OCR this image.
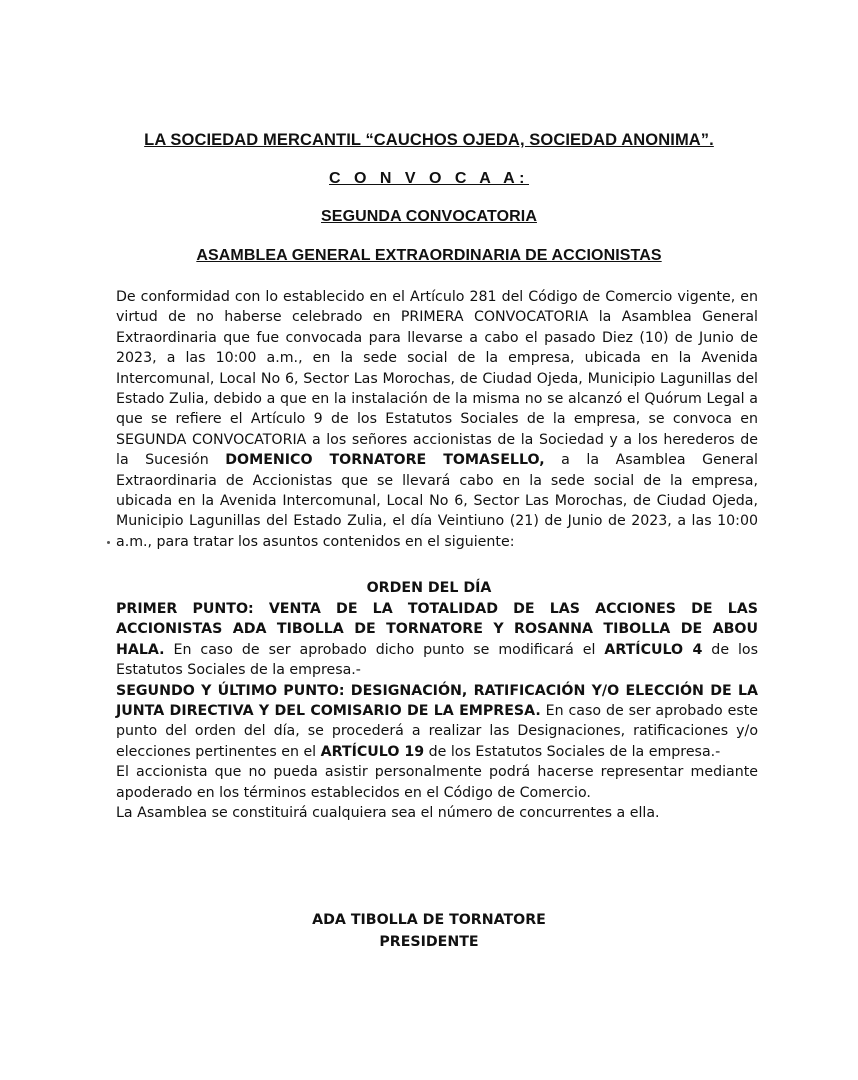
LA SOCIEDAD MERCANTIL “CAUCHOS OJEDA, SOCIEDAD ANONIMA”.
C O N V O C A A:
SEGUNDA CONVOCATORIA
ASAMBLEA GENERAL EXTRAORDINARIA DE ACCIONISTAS
De conformidad con lo establecido en el Artículo 281 del Código de Comercio vigente, en virtud de no haberse celebrado en PRIMERA CONVOCATORIA la Asamblea General Extraordinaria que fue convocada para llevarse a cabo el pasado Diez (10) de Junio de 2023, a las 10:00 a.m., en la sede social de la empresa, ubicada en la Avenida Intercomunal, Local No 6, Sector Las Morochas, de Ciudad Ojeda, Municipio Lagunillas del Estado Zulia, debido a que en la instalación de la misma no se alcanzó el Quórum Legal a que se refiere el Artículo 9 de los Estatutos Sociales de la empresa, se convoca en SEGUNDA CONVOCATORIA a los señores accionistas de la Sociedad y a los herederos de la Sucesión DOMENICO TORNATORE TOMASELLO, a la Asamblea General Extraordinaria de Accionistas que se llevará cabo en la sede social de la empresa, ubicada en la Avenida Intercomunal, Local No 6, Sector Las Morochas, de Ciudad Ojeda, Municipio Lagunillas del Estado Zulia, el día Veintiuno (21) de Junio de 2023, a las 10:00 a.m., para tratar los asuntos contenidos en el siguiente:
ORDEN DEL DÍA

PRIMER PUNTO: VENTA DE LA TOTALIDAD DE LAS ACCIONES DE LAS ACCIONISTAS ADA TIBOLLA DE TORNATORE Y ROSANNA TIBOLLA DE ABOU HALA. En caso de ser aprobado dicho punto se modificará el ARTÍCULO 4 de los Estatutos Sociales de la empresa.-

SEGUNDO Y ÚLTIMO PUNTO: DESIGNACIÓN, RATIFICACIÓN Y/O ELECCIÓN DE LA JUNTA DIRECTIVA Y DEL COMISARIO DE LA EMPRESA. En caso de ser aprobado este punto del orden del día, se procederá a realizar las Designaciones, ratificaciones y/o elecciones pertinentes en el ARTÍCULO 19 de los Estatutos Sociales de la empresa.-

El accionista que no pueda asistir personalmente podrá hacerse representar mediante apoderado en los términos establecidos en el Código de Comercio.

La Asamblea se constituirá cualquiera sea el número de concurrentes a ella.

ADA TIBOLLA DE TORNATORE
PRESIDENTE
